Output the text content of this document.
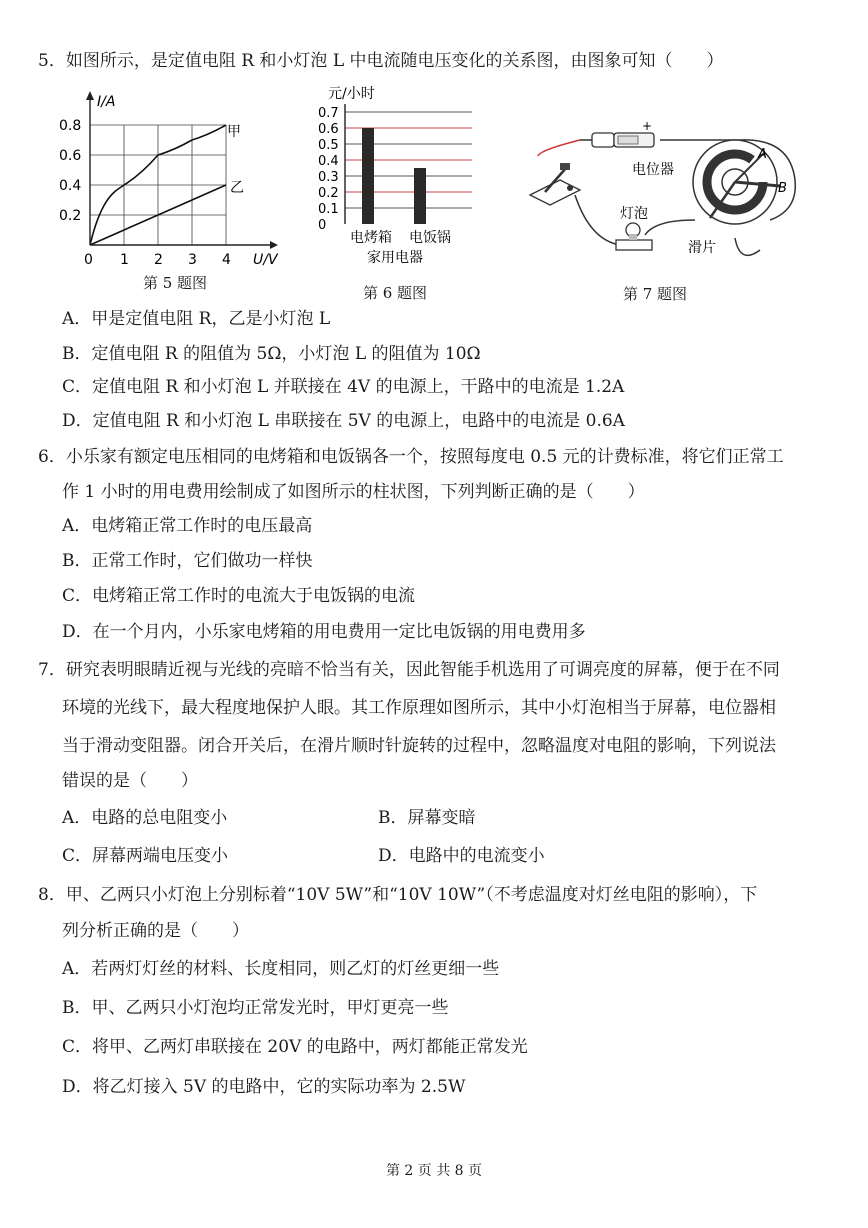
5．如图所示，是定值电阻 R 和小灯泡 L 中电流随电压变化的关系图，由图象可知（　　）
I/A
U/V
甲
乙
0.8
0.6
0.4
0.2
0 1 2 3 4
第 5 题图
元/小时
0.7
0.6
0.5
0.4
0.3
0.2
0.1
0
电烤箱 电饭锅
家用电器
第 6 题图
+
A
B
电位器
灯泡
滑片
第 7 题图
A．甲是定值电阻 R，乙是小灯泡 L
B．定值电阻 R 的阻值为 5Ω，小灯泡 L 的阻值为 10Ω
C．定值电阻 R 和小灯泡 L 并联接在 4V 的电源上，干路中的电流是 1.2A
D．定值电阻 R 和小灯泡 L 串联接在 5V 的电源上，电路中的电流是 0.6A
6．小乐家有额定电压相同的电烤箱和电饭锅各一个，按照每度电 0.5 元的计费标准，将它们正常工
作 1 小时的用电费用绘制成了如图所示的柱状图，下列判断正确的是（　　）
A．电烤箱正常工作时的电压最高
B．正常工作时，它们做功一样快
C．电烤箱正常工作时的电流大于电饭锅的电流
D．在一个月内，小乐家电烤箱的用电费用一定比电饭锅的用电费用多
7．研究表明眼睛近视与光线的亮暗不恰当有关，因此智能手机选用了可调亮度的屏幕，便于在不同
环境的光线下，最大程度地保护人眼。其工作原理如图所示，其中小灯泡相当于屏幕，电位器相
当于滑动变阻器。闭合开关后，在滑片顺时针旋转的过程中，忽略温度对电阻的影响，下列说法
错误的是（　　）
A．电路的总电阻变小	B．屏幕变暗
C．屏幕两端电压变小	D．电路中的电流变小
8．甲、乙两只小灯泡上分别标着“10V 5W”和“10V 10W”（不考虑温度对灯丝电阻的影响），下
列分析正确的是（　　）
A．若两灯灯丝的材料、长度相同，则乙灯的灯丝更细一些
B．甲、乙两只小灯泡均正常发光时，甲灯更亮一些
C．将甲、乙两灯串联接在 20V 的电路中，两灯都能正常发光
D．将乙灯接入 5V 的电路中，它的实际功率为 2.5W
第 2 页 共 8 页
